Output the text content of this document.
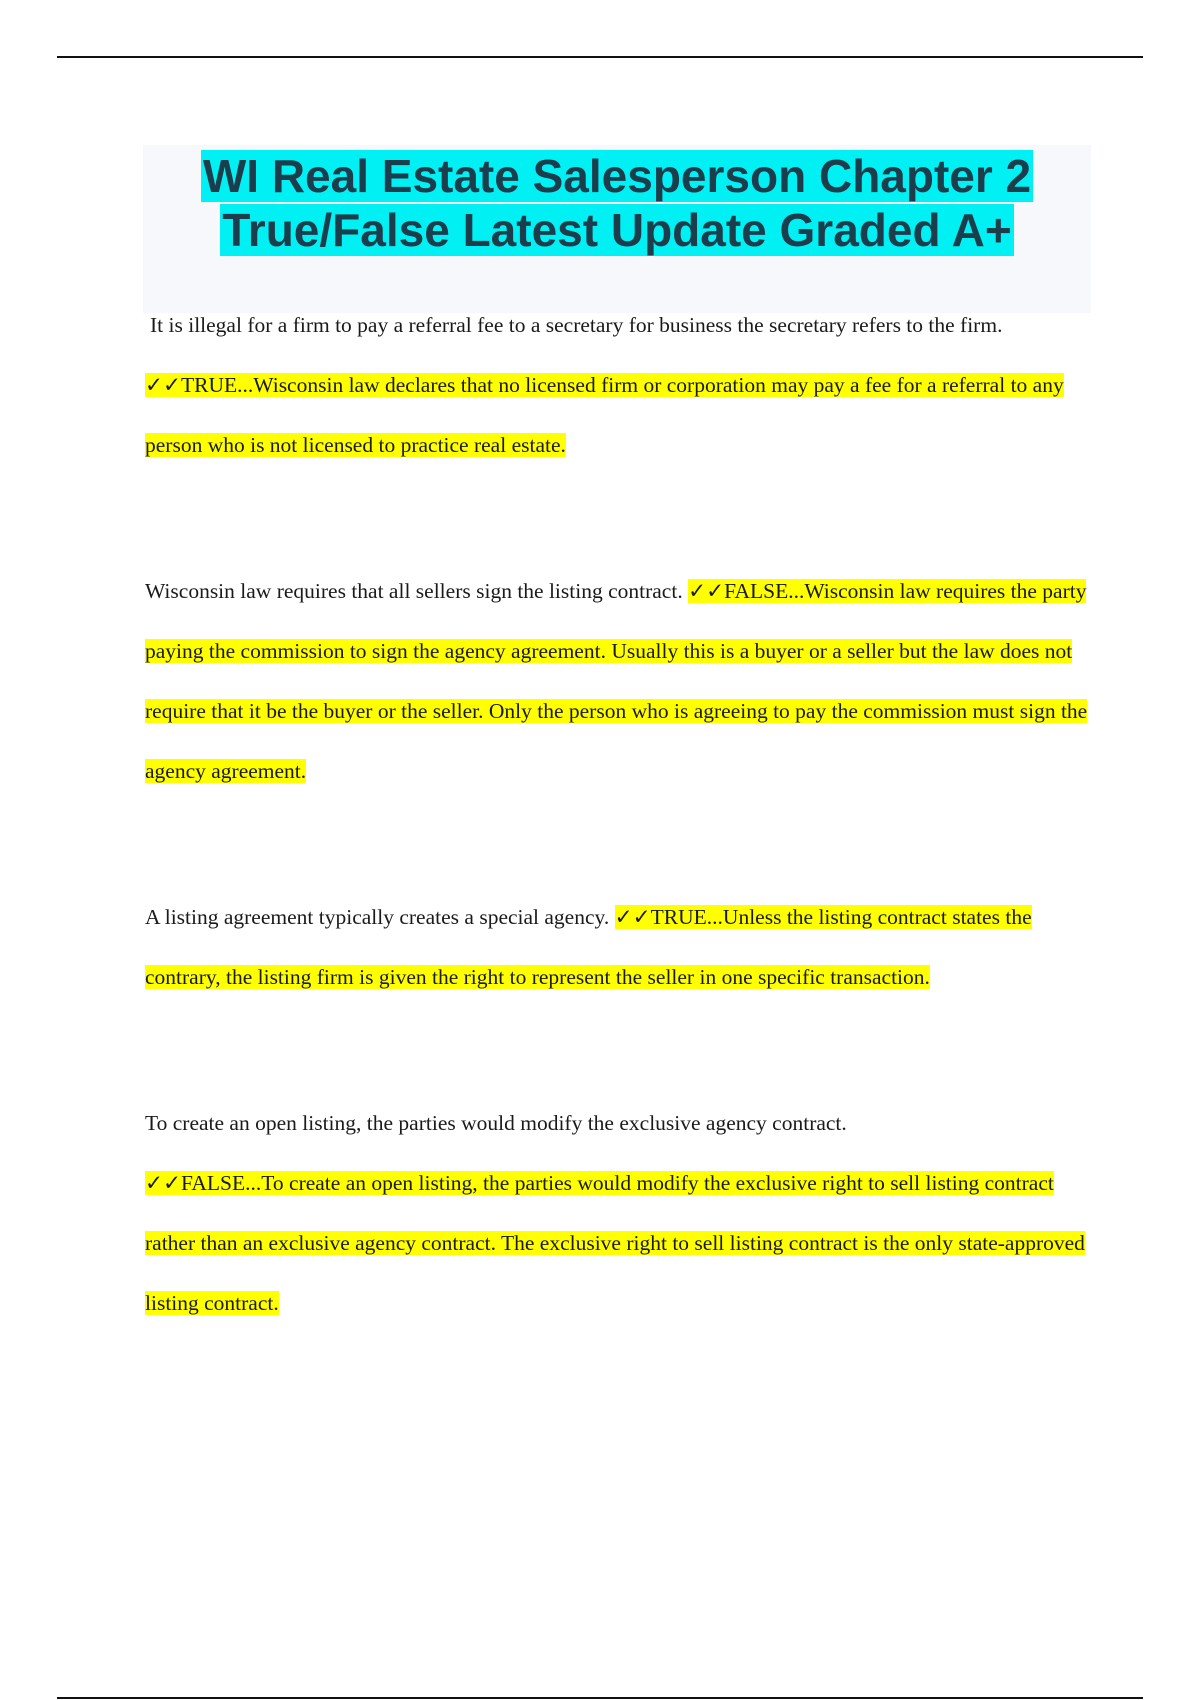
WI Real Estate Salesperson Chapter 2
True/False Latest Update Graded A+

It is illegal for a firm to pay a referral fee to a secretary for business the secretary refers to the firm. ✓✓TRUE...Wisconsin law declares that no licensed firm or corporation may pay a fee for a referral to any person who is not licensed to practice real estate.

Wisconsin law requires that all sellers sign the listing contract. ✓✓FALSE...Wisconsin law requires the party paying the commission to sign the agency agreement. Usually this is a buyer or a seller but the law does not require that it be the buyer or the seller. Only the person who is agreeing to pay the commission must sign the agency agreement.

A listing agreement typically creates a special agency. ✓✓TRUE...Unless the listing contract states the contrary, the listing firm is given the right to represent the seller in one specific transaction.

To create an open listing, the parties would modify the exclusive agency contract.
✓✓FALSE...To create an open listing, the parties would modify the exclusive right to sell listing contract rather than an exclusive agency contract. The exclusive right to sell listing contract is the only state-approved listing contract.
